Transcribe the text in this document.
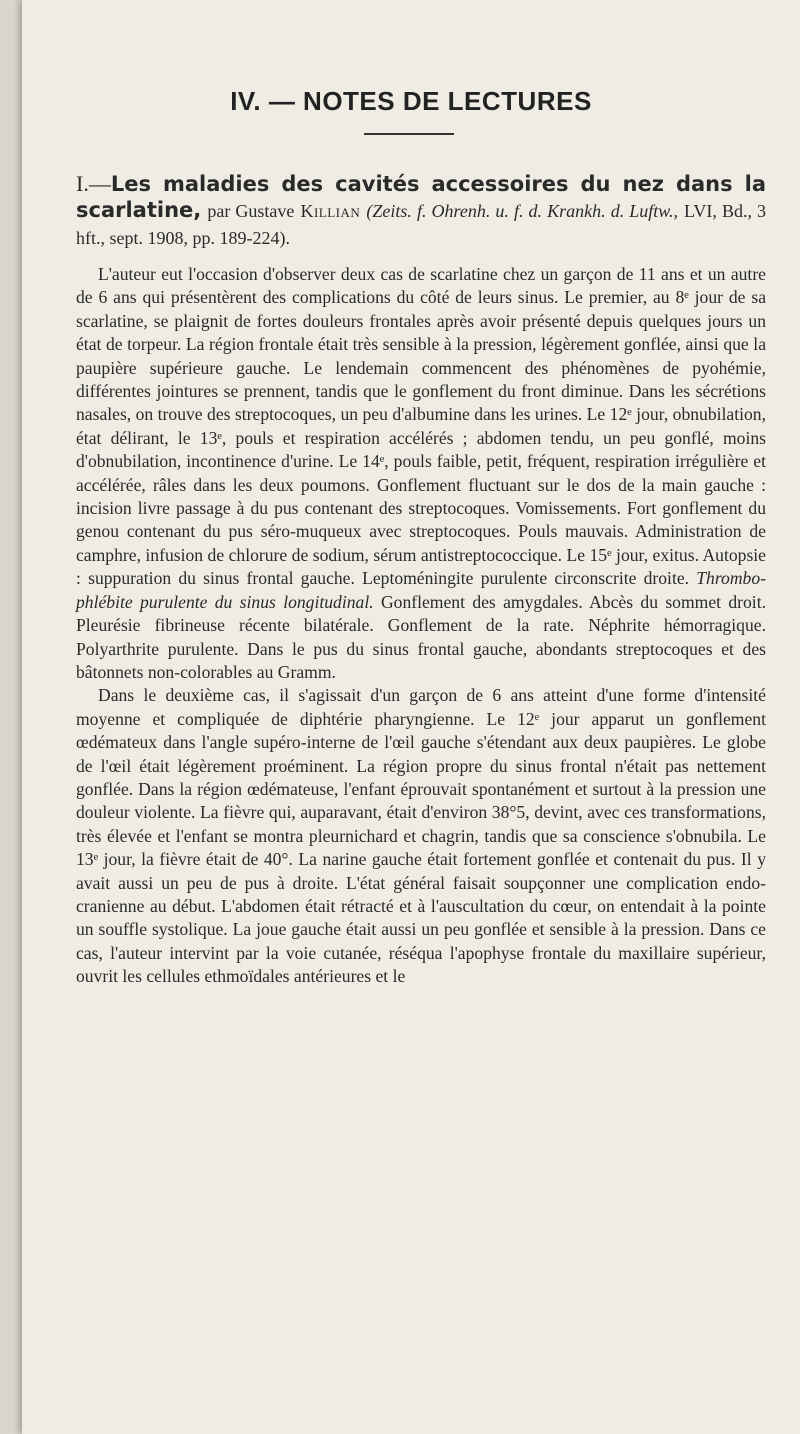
IV. — NOTES DE LECTURES
I.—Les maladies des cavités accessoires du nez dans la scarlatine, par Gustave Killian (Zeits. f. Ohrenh. u. f. d. Krankh. d. Luftw., LVI, Bd., 3 hft., sept. 1908, pp. 189-224).

L'auteur eut l'occasion d'observer deux cas de scarlatine chez un garçon de 11 ans et un autre de 6 ans qui présentèrent des complications du côté de leurs sinus. Le premier, au 8ᵉ jour de sa scarlatine, se plaignit de fortes douleurs frontales après avoir présenté depuis quelques jours un état de torpeur. La région frontale était très sensible à la pression, légèrement gonflée, ainsi que la paupière supérieure gauche. Le lendemain commencent des phénomènes de pyohémie, différentes jointures se prennent, tandis que le gonflement du front diminue. Dans les sécrétions nasales, on trouve des streptocoques, un peu d'albumine dans les urines. Le 12ᵉ jour, obnubilation, état délirant, le 13ᵉ, pouls et respiration accélérés ; abdomen tendu, un peu gonflé, moins d'obnubilation, incontinence d'urine. Le 14ᵉ, pouls faible, petit, fréquent, respiration irrégulière et accélérée, râles dans les deux poumons. Gonflement fluctuant sur le dos de la main gauche : incision livre passage à du pus contenant des streptocoques. Vomissements. Fort gonflement du genou contenant du pus séro-muqueux avec streptocoques. Pouls mauvais. Administration de camphre, infusion de chlorure de sodium, sérum antistreptococcique. Le 15ᵉ jour, exitus. Autopsie : suppuration du sinus frontal gauche. Leptoméningite purulente circonscrite droite. Thrombo-phlébite purulente du sinus longitudinal. Gonflement des amygdales. Abcès du sommet droit. Pleurésie fibrineuse récente bilatérale. Gonflement de la rate. Néphrite hémorragique. Polyarthrite purulente. Dans le pus du sinus frontal gauche, abondants streptocoques et des bâtonnets non-colorables au Gramm.

Dans le deuxième cas, il s'agissait d'un garçon de 6 ans atteint d'une forme d'intensité moyenne et compliquée de diphtérie pharyngienne. Le 12ᵉ jour apparut un gonflement œdémateux dans l'angle supéro-interne de l'œil gauche s'étendant aux deux paupières. Le globe de l'œil était légèrement proéminent. La région propre du sinus frontal n'était pas nettement gonflée. Dans la région œdémateuse, l'enfant éprouvait spontanément et surtout à la pression une douleur violente. La fièvre qui, auparavant, était d'environ 38°5, devint, avec ces transformations, très élevée et l'enfant se montra pleurnichard et chagrin, tandis que sa conscience s'obnubila. Le 13ᵉ jour, la fièvre était de 40°. La narine gauche était fortement gonflée et contenait du pus. Il y avait aussi un peu de pus à droite. L'état général faisait soupçonner une complication endo-cranienne au début. L'abdomen était rétracté et à l'auscultation du cœur, on entendait à la pointe un souffle systolique. La joue gauche était aussi un peu gonflée et sensible à la pression. Dans ce cas, l'auteur intervint par la voie cutanée, réséqua l'apophyse frontale du maxillaire supérieur, ouvrit les cellules ethmoïdales antérieures et le
